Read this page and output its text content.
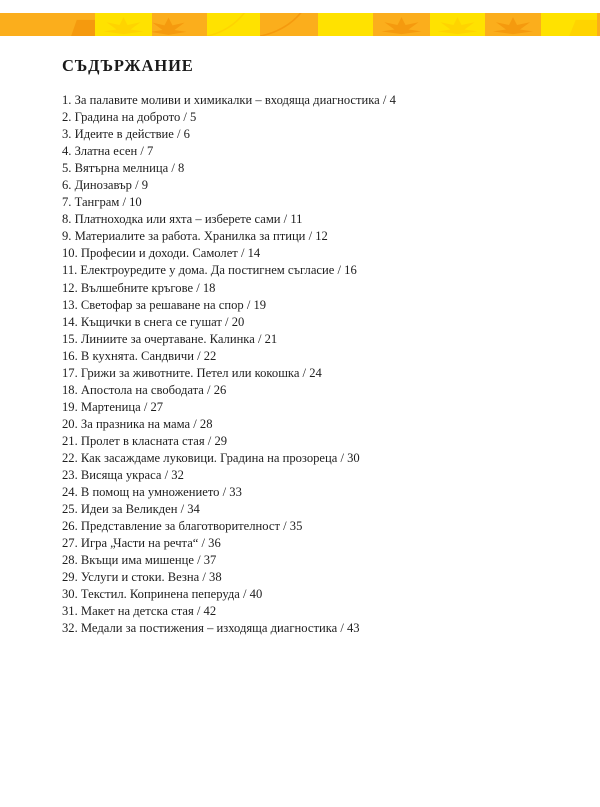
СЪДЪРЖАНИЕ
1. За палавите моливи и химикалки – входяща диагностика / 4
2. Градина на доброто / 5
3. Идеите в действие / 6
4. Златна есен / 7
5. Вятърна мелница / 8
6. Динозавър / 9
7. Танграм / 10
8. Платноходка или яхта – изберете сами / 11
9. Материалите за работа. Хранилка за птици / 12
10. Професии и доходи. Самолет / 14
11. Електроуредите у дома. Да постигнем съгласие / 16
12. Вълшебните кръгове / 18
13. Светофар за решаване на спор / 19
14. Къщички в снега се гушат / 20
15. Линиите за очертаване. Калинка / 21
16. В кухнята. Сандвичи / 22
17. Грижи за животните. Петел или кокошка / 24
18. Апостола на свободата / 26
19. Мартеница / 27
20. За празника на мама / 28
21. Пролет в класната стая / 29
22. Как засаждаме луковици. Градина на прозореца / 30
23. Висяща украса / 32
24. В помощ на умножението / 33
25. Идеи за Великден / 34
26. Представление за благотворителност / 35
27. Игра „Части на речта“ / 36
28. Вкъщи има мишенце / 37
29. Услуги и стоки. Везна / 38
30. Текстил. Копринена пеперуда / 40
31. Макет на детска стая / 42
32. Медали за постижения – изходяща диагностика / 43
